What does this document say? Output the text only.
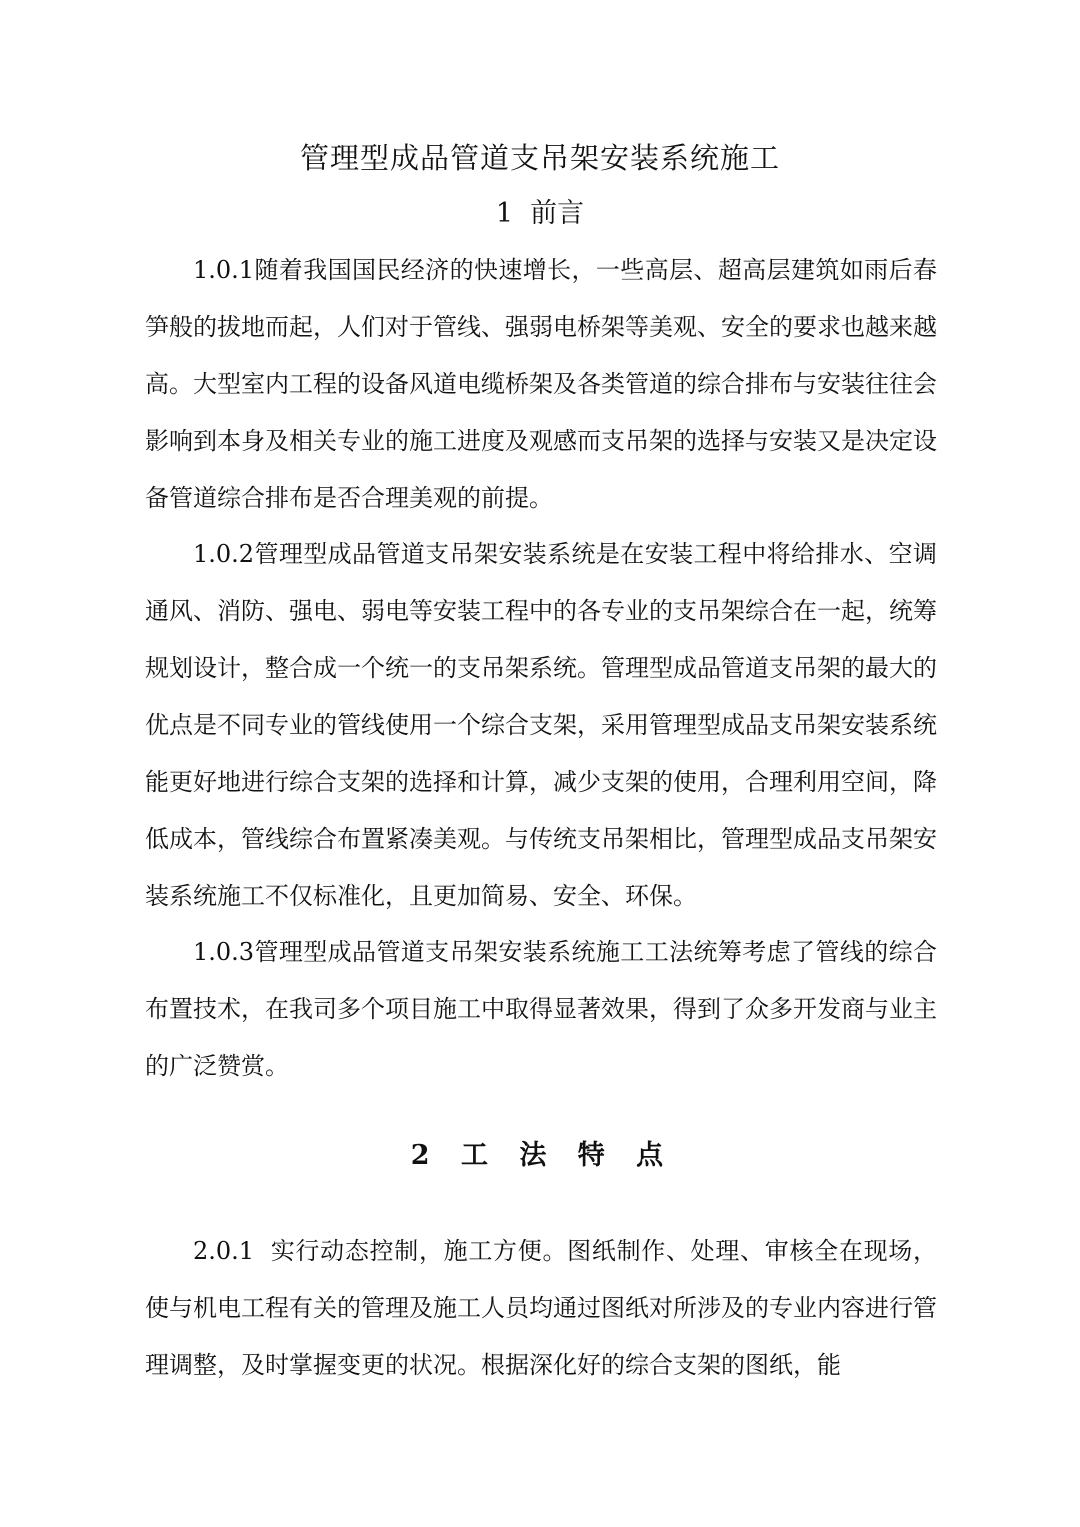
管理型成品管道支吊架安装系统施工
1  前言

1.0.1随着我国国民经济的快速增长，一些高层、超高层建筑如雨后春笋般的拔地而起，人们对于管线、强弱电桥架等美观、安全的要求也越来越高。大型室内工程的设备风道电缆桥架及各类管道的综合排布与安装往往会影响到本身及相关专业的施工进度及观感而支吊架的选择与安装又是决定设备管道综合排布是否合理美观的前提。

1.0.2管理型成品管道支吊架安装系统是在安装工程中将给排水、空调通风、消防、强电、弱电等安装工程中的各专业的支吊架综合在一起，统筹规划设计，整合成一个统一的支吊架系统。管理型成品管道支吊架的最大的优点是不同专业的管线使用一个综合支架，采用管理型成品支吊架安装系统能更好地进行综合支架的选择和计算，减少支架的使用，合理利用空间，降低成本，管线综合布置紧凑美观。与传统支吊架相比，管理型成品支吊架安装系统施工不仅标准化，且更加简易、安全、环保。

1.0.3管理型成品管道支吊架安装系统施工工法统筹考虑了管线的综合布置技术，在我司多个项目施工中取得显著效果，得到了众多开发商与业主的广泛赞赏。

2 工 法 特 点

2.0.1  实行动态控制，施工方便。图纸制作、处理、审核全在现场，使与机电工程有关的管理及施工人员均通过图纸对所涉及的专业内容进行管理调整，及时掌握变更的状况。根据深化好的综合支架的图纸，能
